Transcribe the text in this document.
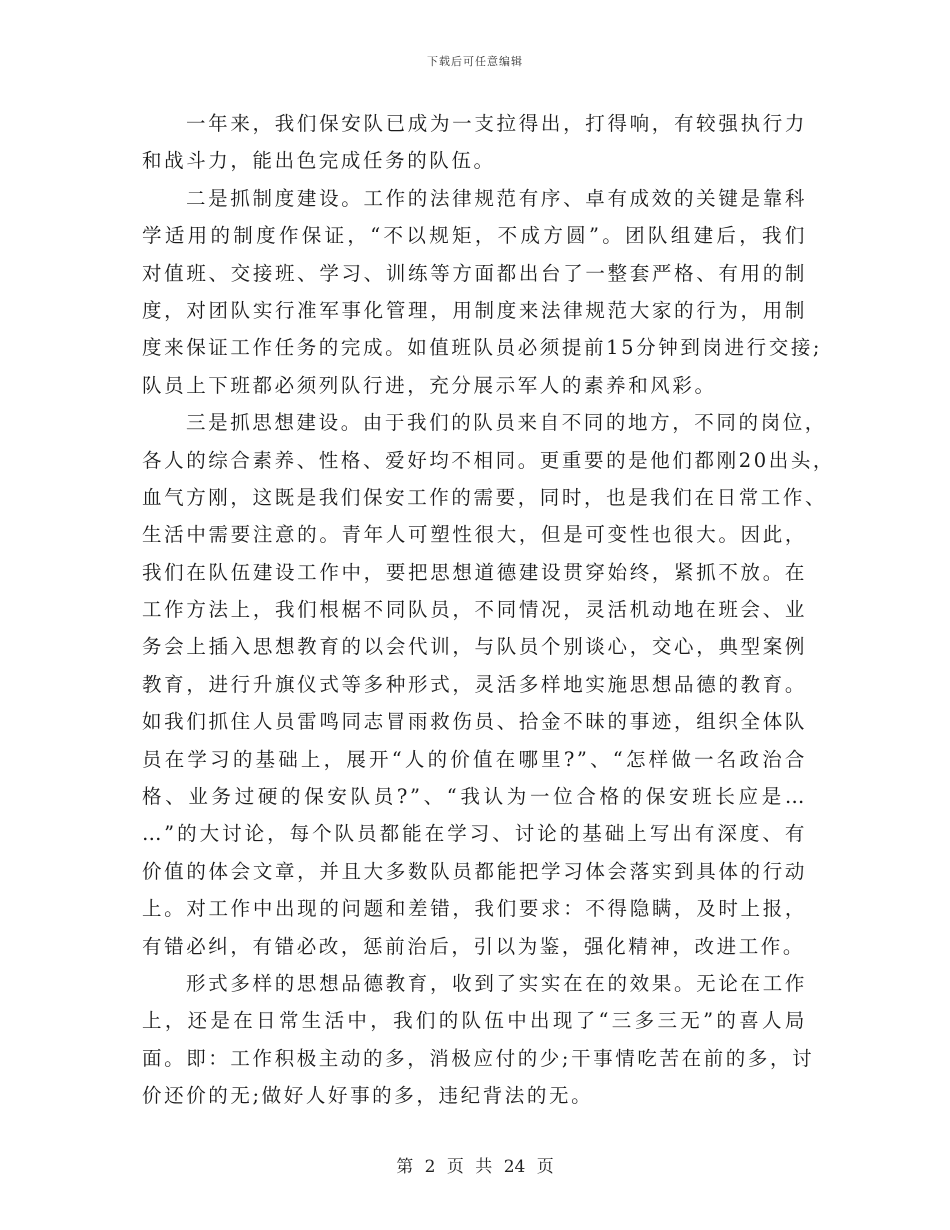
下载后可任意编辑
一年来，我们保安队已成为一支拉得出，打得响，有较强执行力
和战斗力，能出色完成任务的队伍。
二是抓制度建设。工作的法律规范有序、卓有成效的关键是靠科
学适用的制度作保证，“不以规矩，不成方圆”。团队组建后，我们
对值班、交接班、学习、训练等方面都出台了一整套严格、有用的制
度，对团队实行准军事化管理，用制度来法律规范大家的行为，用制
度来保证工作任务的完成。如值班队员必须提前15分钟到岗进行交接;
队员上下班都必须列队行进，充分展示军人的素养和风彩。
三是抓思想建设。由于我们的队员来自不同的地方，不同的岗位，
各人的综合素养、性格、爱好均不相同。更重要的是他们都刚20出头，
血气方刚，这既是我们保安工作的需要，同时，也是我们在日常工作、
生活中需要注意的。青年人可塑性很大，但是可变性也很大。因此，
我们在队伍建设工作中，要把思想道德建设贯穿始终，紧抓不放。在
工作方法上，我们根椐不同队员，不同情况，灵活机动地在班会、业
务会上插入思想教育的以会代训，与队员个别谈心，交心，典型案例
教育，进行升旗仪式等多种形式，灵活多样地实施思想品德的教育。
如我们抓住人员雷鸣同志冒雨救伤员、拾金不昧的事迹，组织全体队
员在学习的基础上，展开“人的价值在哪里?”、“怎样做一名政治合
格、业务过硬的保安队员?”、“我认为一位合格的保安班长应是…
…”的大讨论，每个队员都能在学习、讨论的基础上写出有深度、有
价值的体会文章，并且大多数队员都能把学习体会落实到具体的行动
上。对工作中出现的问题和差错，我们要求：不得隐瞒，及时上报，
有错必纠，有错必改，惩前治后，引以为鉴，强化精神，改进工作。
形式多样的思想品德教育，收到了实实在在的效果。无论在工作
上，还是在日常生活中，我们的队伍中出现了“三多三无”的喜人局
面。即：工作积极主动的多，消极应付的少;干事情吃苦在前的多，讨
价还价的无;做好人好事的多，违纪背法的无。
第 2 页 共 24 页
